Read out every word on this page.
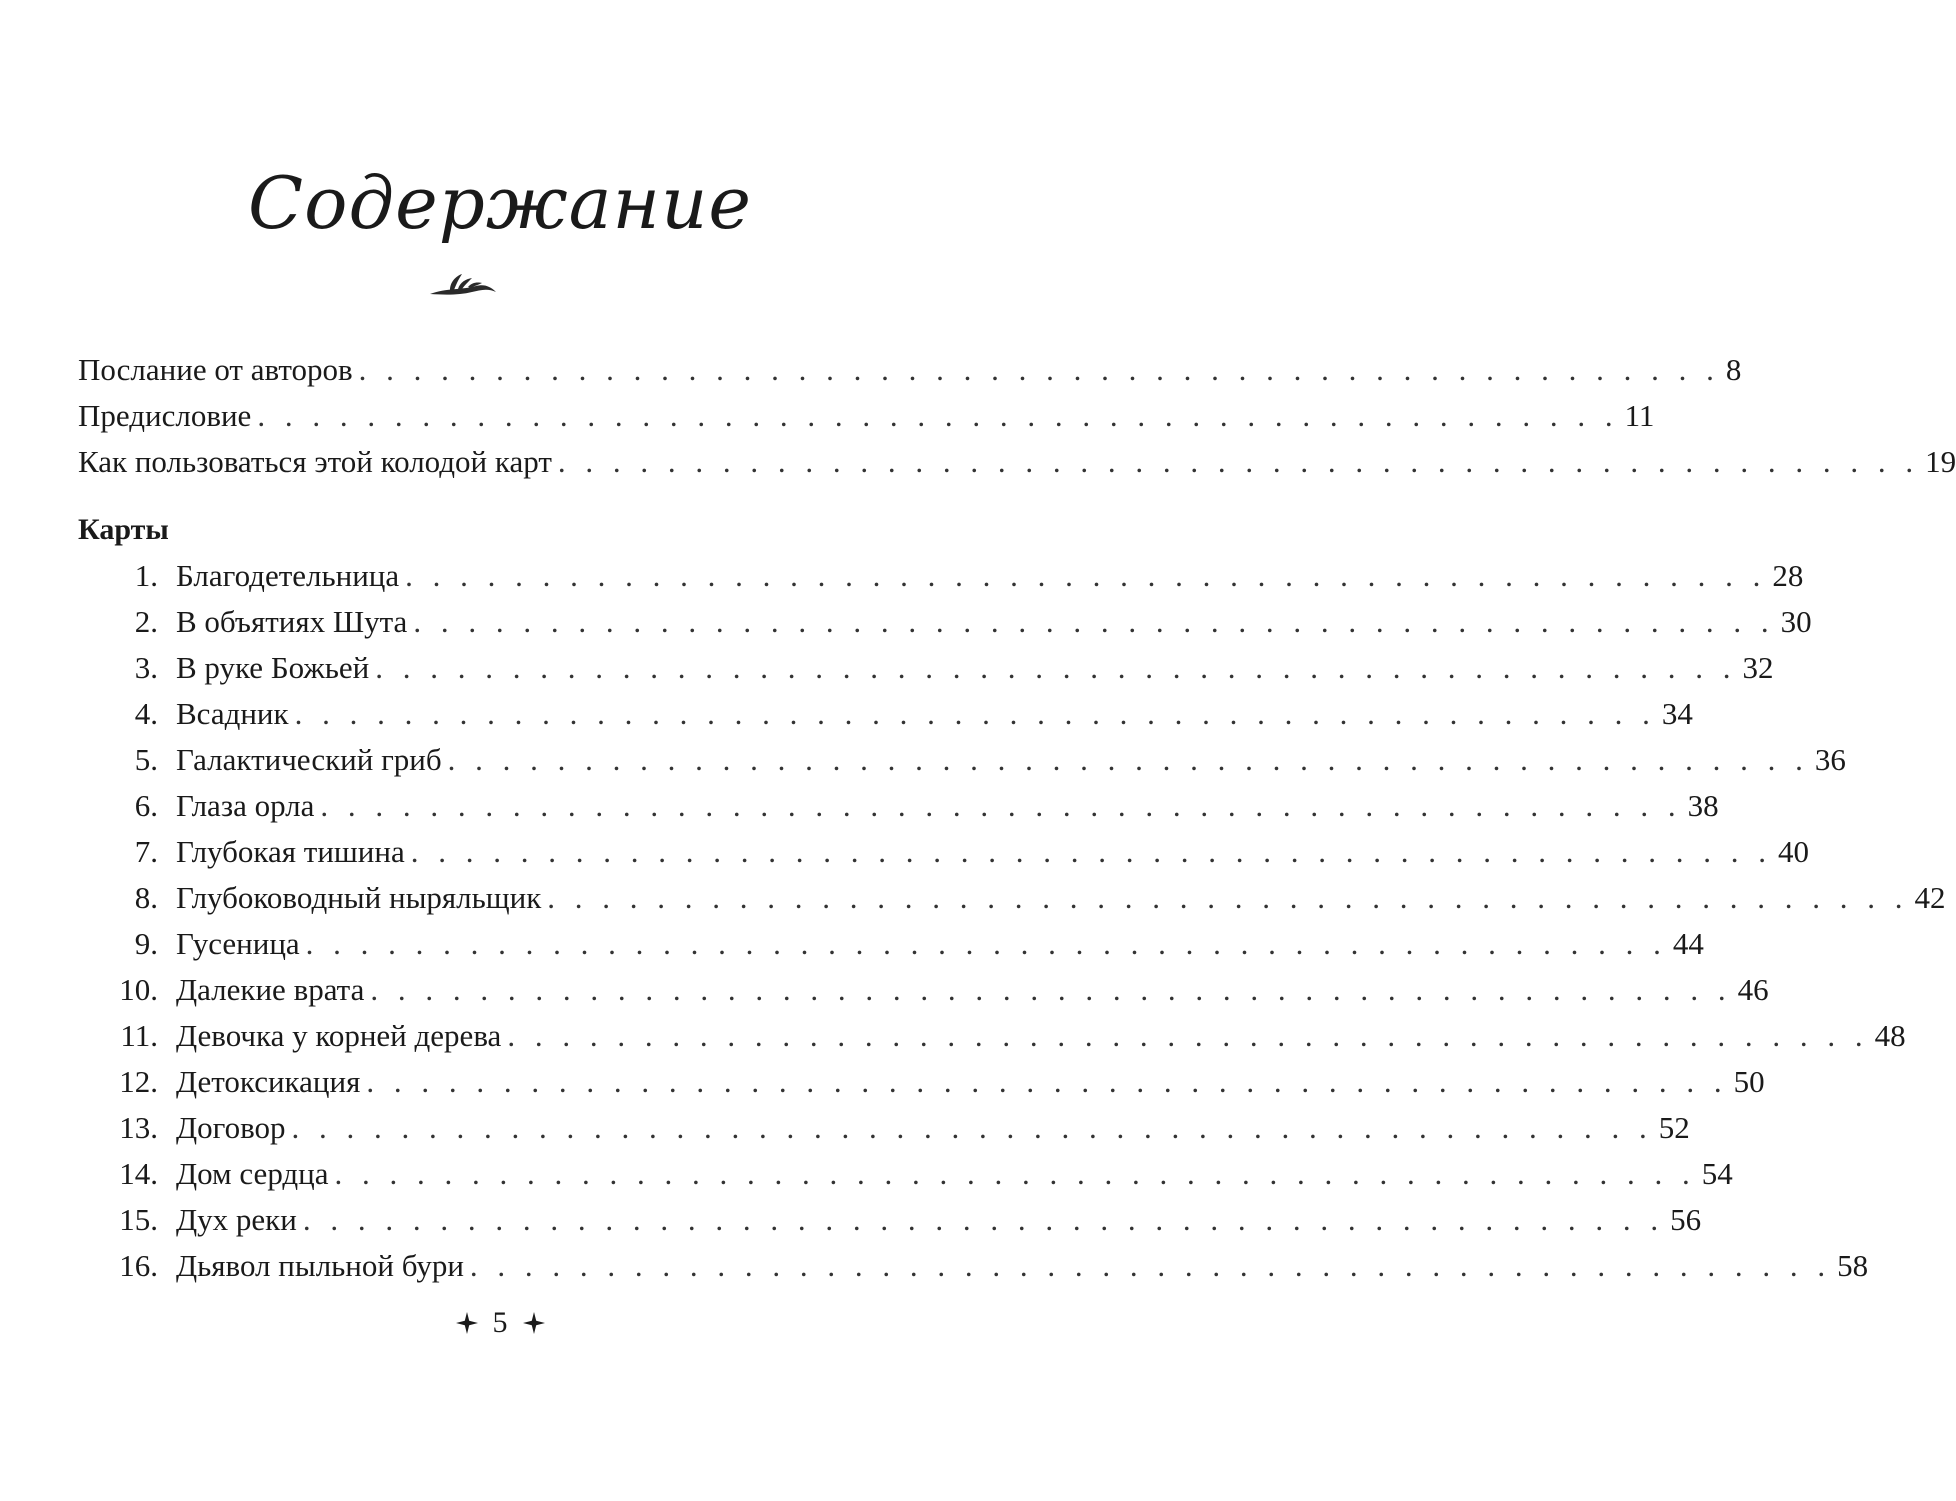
Содержание
Послание от авторов . . . . . . . . . . . . . . . . . . . . . . . . . . . . . . . . . . . . . . . . . . . . . . . . . . 8
Предисловие . . . . . . . . . . . . . . . . . . . . . . . . . . . . . . . . . . . . . . . . . . . . . . . . . . 11
Как пользоваться этой колодой карт . . . . . . . . . . . . . . . . . . . . . . . . . . . . . . . . . . . . . . . . . . . . . . . . . . 19
Карты
1. Благодетельница . . . . . . . . . . . . . . . . . . . . . . . . . . . . . . . . . . . . . . . . . . . . . . . . . . 28
2. В объятиях Шута . . . . . . . . . . . . . . . . . . . . . . . . . . . . . . . . . . . . . . . . . . . . . . . . . . 30
3. В руке Божьей . . . . . . . . . . . . . . . . . . . . . . . . . . . . . . . . . . . . . . . . . . . . . . . . . . 32
4. Всадник . . . . . . . . . . . . . . . . . . . . . . . . . . . . . . . . . . . . . . . . . . . . . . . . . . 34
5. Галактический гриб . . . . . . . . . . . . . . . . . . . . . . . . . . . . . . . . . . . . . . . . . . . . . . . . . . 36
6. Глаза орла . . . . . . . . . . . . . . . . . . . . . . . . . . . . . . . . . . . . . . . . . . . . . . . . . . 38
7. Глубокая тишина . . . . . . . . . . . . . . . . . . . . . . . . . . . . . . . . . . . . . . . . . . . . . . . . . . 40
8. Глубоководный ныряльщик . . . . . . . . . . . . . . . . . . . . . . . . . . . . . . . . . . . . . . . . . . . . . . . . . . 42
9. Гусеница . . . . . . . . . . . . . . . . . . . . . . . . . . . . . . . . . . . . . . . . . . . . . . . . . . 44
10. Далекие врата . . . . . . . . . . . . . . . . . . . . . . . . . . . . . . . . . . . . . . . . . . . . . . . . . . 46
11. Девочка у корней дерева . . . . . . . . . . . . . . . . . . . . . . . . . . . . . . . . . . . . . . . . . . . . . . . . . . 48
12. Детоксикация . . . . . . . . . . . . . . . . . . . . . . . . . . . . . . . . . . . . . . . . . . . . . . . . . . 50
13. Договор . . . . . . . . . . . . . . . . . . . . . . . . . . . . . . . . . . . . . . . . . . . . . . . . . . 52
14. Дом сердца . . . . . . . . . . . . . . . . . . . . . . . . . . . . . . . . . . . . . . . . . . . . . . . . . . 54
15. Дух реки . . . . . . . . . . . . . . . . . . . . . . . . . . . . . . . . . . . . . . . . . . . . . . . . . . 56
16. Дьявол пыльной бури . . . . . . . . . . . . . . . . . . . . . . . . . . . . . . . . . . . . . . . . . . . . . . . . . . 58
5
